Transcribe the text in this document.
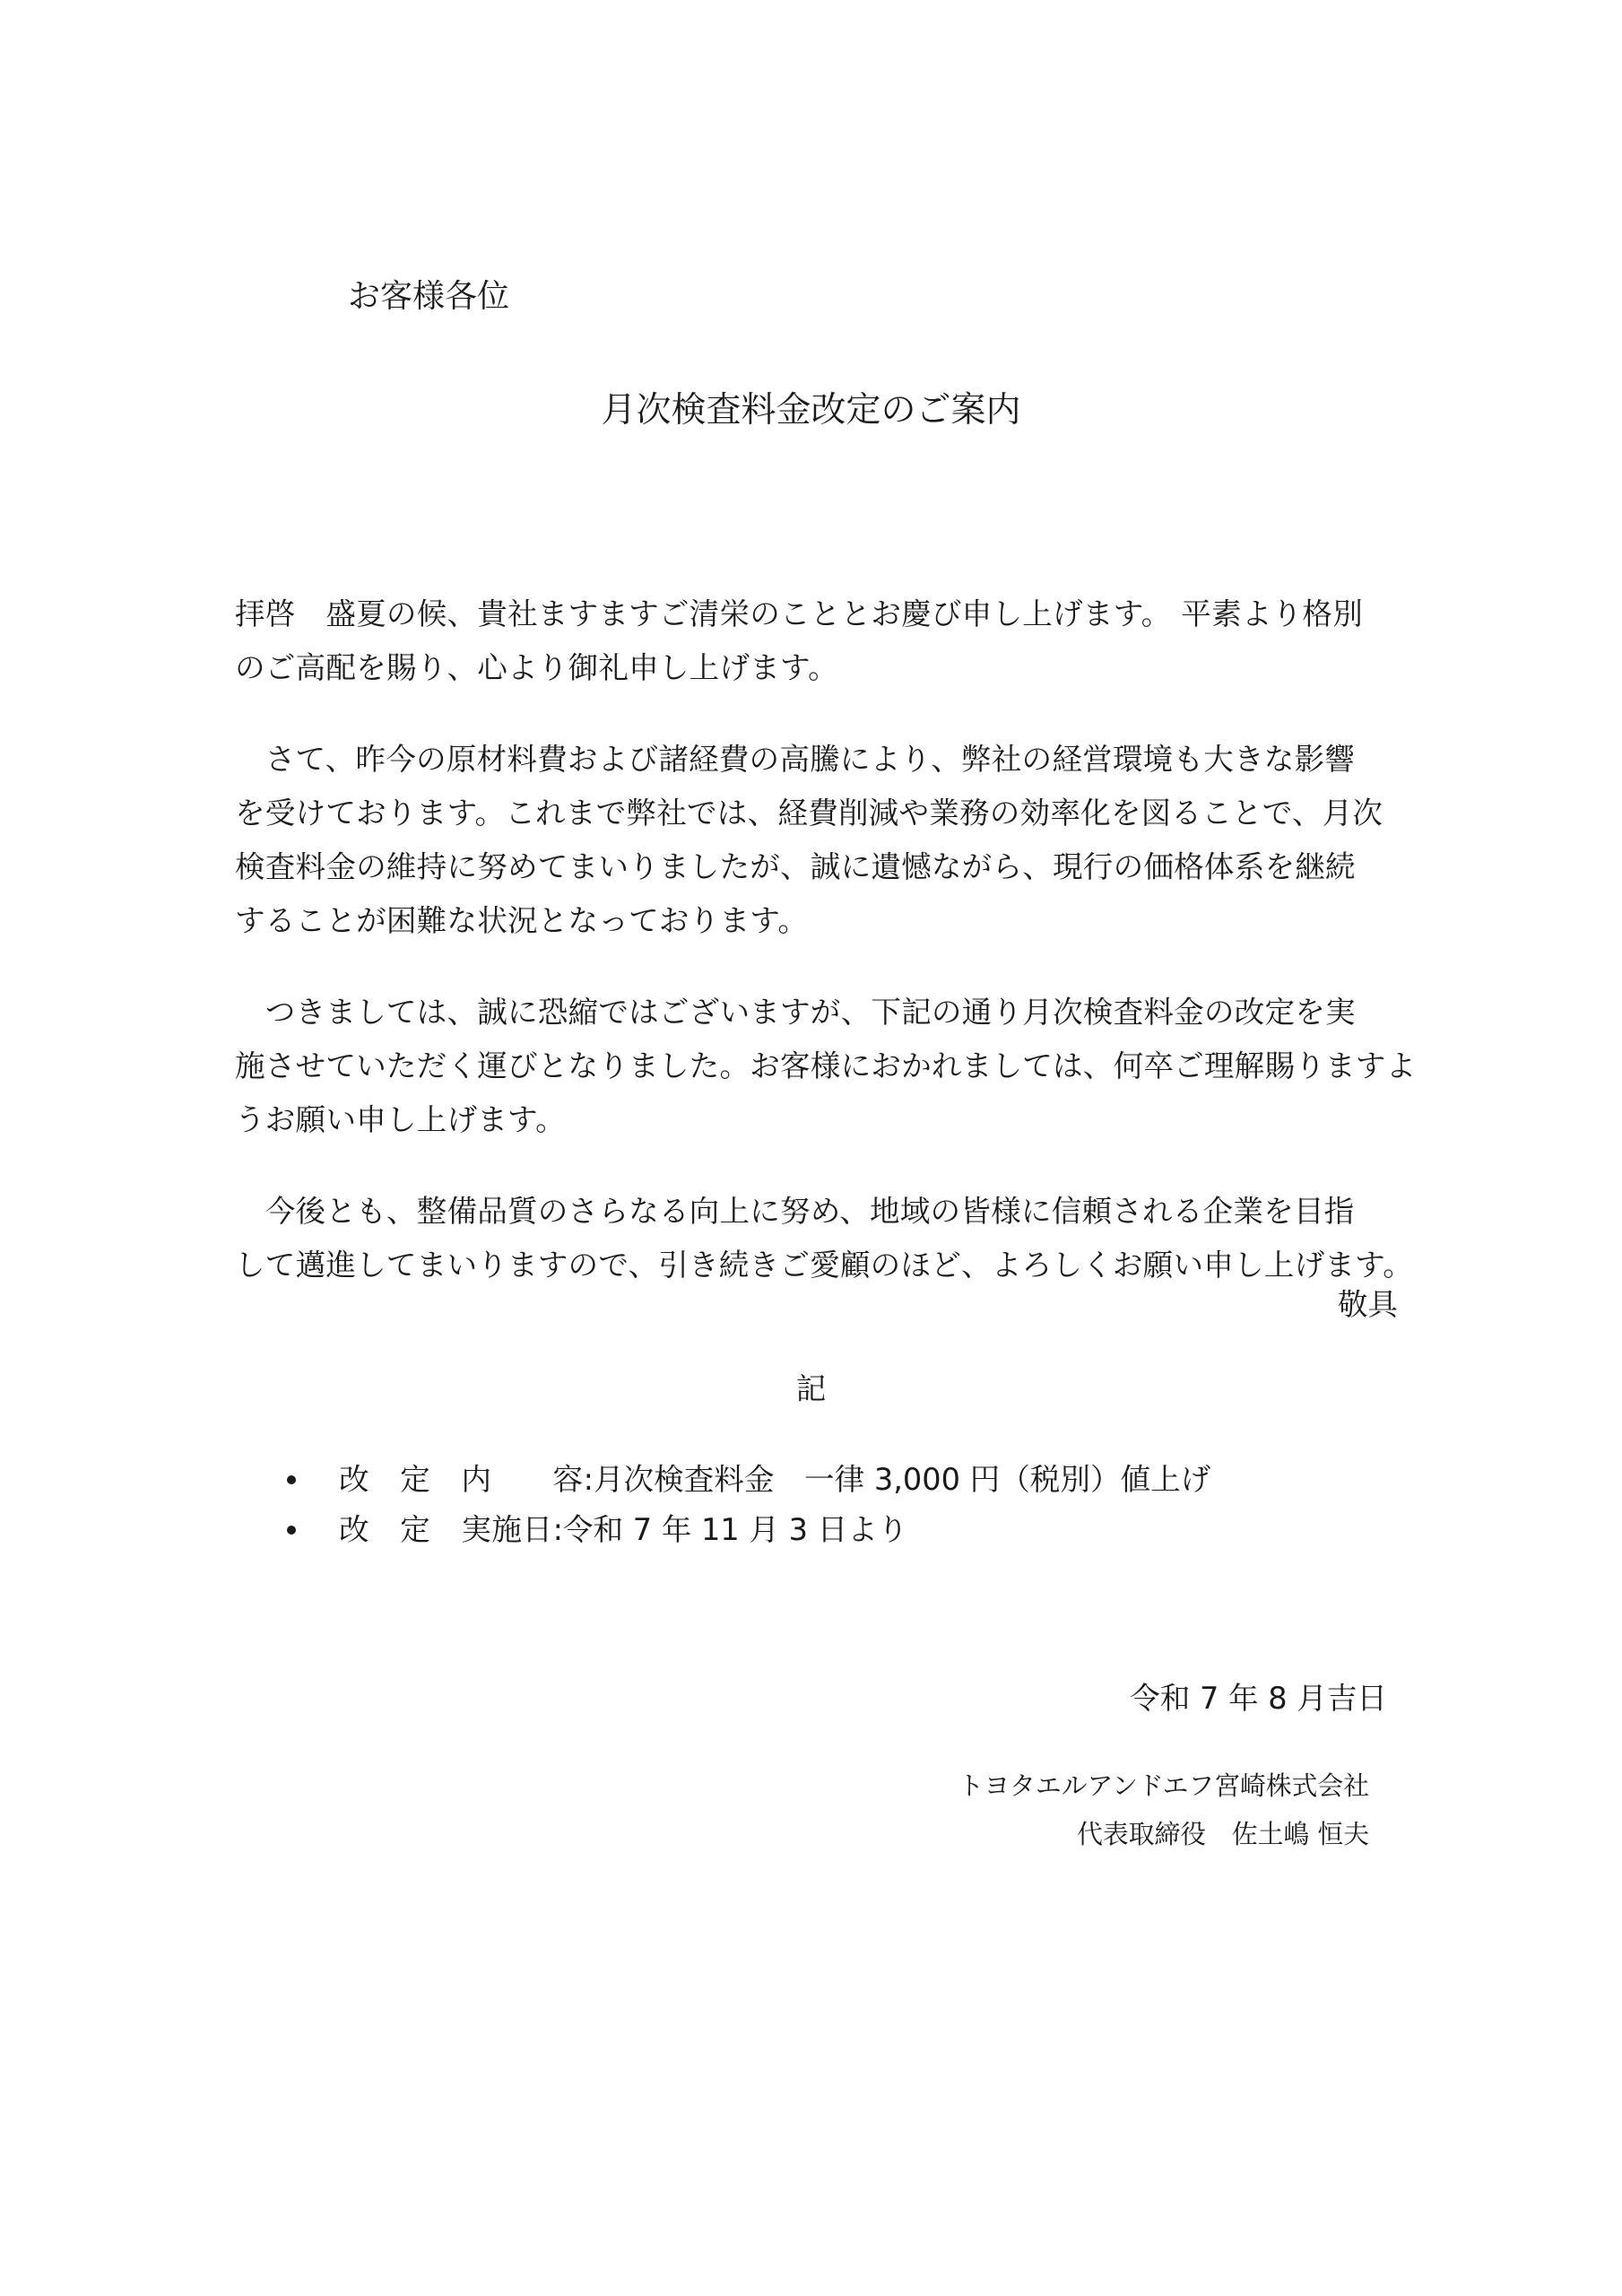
お客様各位

月次検査料金改定のご案内

拝啓　盛夏の候、貴社ますますご清栄のこととお慶び申し上げます。 平素より格別
のご高配を賜り、心より御礼申し上げます。

　さて、昨今の原材料費および諸経費の高騰により、弊社の経営環境も大きな影響
を受けております。これまで弊社では、経費削減や業務の効率化を図ることで、月次
検査料金の維持に努めてまいりましたが、誠に遺憾ながら、現行の価格体系を継続
することが困難な状況となっております。

　つきましては、誠に恐縮ではございますが、下記の通り月次検査料金の改定を実
施させていただく運びとなりました。お客様におかれましては、何卒ご理解賜りますよ
うお願い申し上げます。

　今後とも、整備品質のさらなる向上に努め、地域の皆様に信頼される企業を目指
して邁進してまいりますので、引き続きご愛顧のほど、よろしくお願い申し上げます。

敬具

記

改　定　内　　容 :月次検査料金　一律 3,000 円（税別）値上げ
改　定　実施日 :令和 7 年 11 月 3 日より

令和 7 年 8 月吉日

トヨタエルアンドエフ宮崎株式会社

代表取締役　佐土嶋 恒夫
